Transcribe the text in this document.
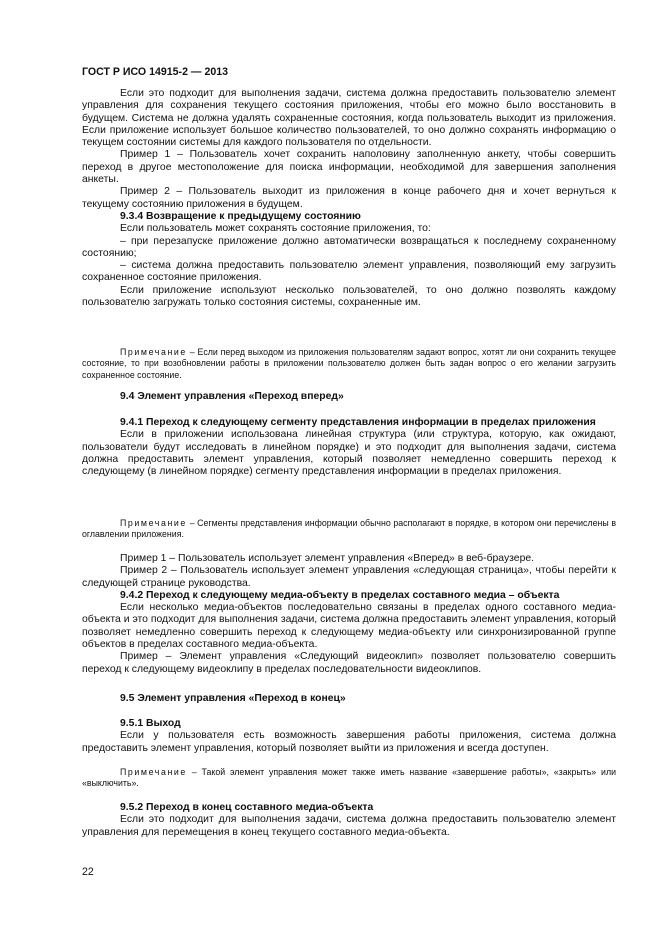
ГОСТ Р ИСО 14915-2 — 2013

Если это подходит для выполнения задачи, система должна предоставить пользователю элемент управления для сохранения текущего состояния приложения, чтобы его можно было восстановить в будущем. Система не должна удалять сохраненные состояния, когда пользователь выходит из приложения. Если приложение использует большое количество пользователей, то оно должно сохранять информацию о текущем состоянии системы для каждого пользователя по отдельности.

Пример 1 – Пользователь хочет сохранить наполовину заполненную анкету, чтобы совершить переход в другое местоположение для поиска информации, необходимой для завершения заполнения анкеты.

Пример 2 – Пользователь выходит из приложения в конце рабочего дня и хочет вернуться к текущему состоянию приложения в будущем.

9.3.4 Возвращение к предыдущему состоянию

Если пользователь может сохранять состояние приложения, то:

– при перезапуске приложение должно автоматически возвращаться к последнему сохраненному состоянию;

– система должна предоставить пользователю элемент управления, позволяющий ему загрузить сохраненное состояние приложения.

Если приложение используют несколько пользователей, то оно должно позволять каждому пользователю загружать только состояния системы, сохраненные им.

Примечание – Если перед выходом из приложения пользователям задают вопрос, хотят ли они сохранить текущее состояние, то при возобновлении работы в приложении пользователю должен быть задан вопрос о его желании загрузить сохраненное состояние.

9.4 Элемент управления «Переход вперед»

9.4.1 Переход к следующему сегменту представления информации в пределах приложения

Если в приложении использована линейная структура (или структура, которую, как ожидают, пользователи будут исследовать в линейном порядке) и это подходит для выполнения задачи, система должна предоставить элемент управления, который позволяет немедленно совершить переход к следующему (в линейном порядке) сегменту представления информации в пределах приложения.

Примечание – Сегменты представления информации обычно располагают в порядке, в котором они перечислены в оглавлении приложения.

Пример 1 – Пользователь использует элемент управления «Вперед» в веб-браузере.

Пример 2 – Пользователь использует элемент управления «следующая страница», чтобы перейти к следующей странице руководства.

9.4.2 Переход к следующему медиа-объекту в пределах составного медиа – объекта

Если несколько медиа-объектов последовательно связаны в пределах одного составного медиа-объекта и это подходит для выполнения задачи, система должна предоставить элемент управления, который позволяет немедленно совершить переход к следующему медиа-объекту или синхронизированной группе объектов в пределах составного медиа-объекта.

Пример – Элемент управления «Следующий видеоклип» позволяет пользователю совершить переход к следующему видеоклипу в пределах последовательности видеоклипов.

9.5 Элемент управления «Переход в конец»

9.5.1 Выход

Если у пользователя есть возможность завершения работы приложения, система должна предоставить элемент управления, который позволяет выйти из приложения и всегда доступен.

Примечание – Такой элемент управления может также иметь название «завершение работы», «закрыть» или «выключить».

9.5.2 Переход в конец составного медиа-объекта

Если это подходит для выполнения задачи, система должна предоставить пользователю элемент управления для перемещения в конец текущего составного медиа-объекта.

22
